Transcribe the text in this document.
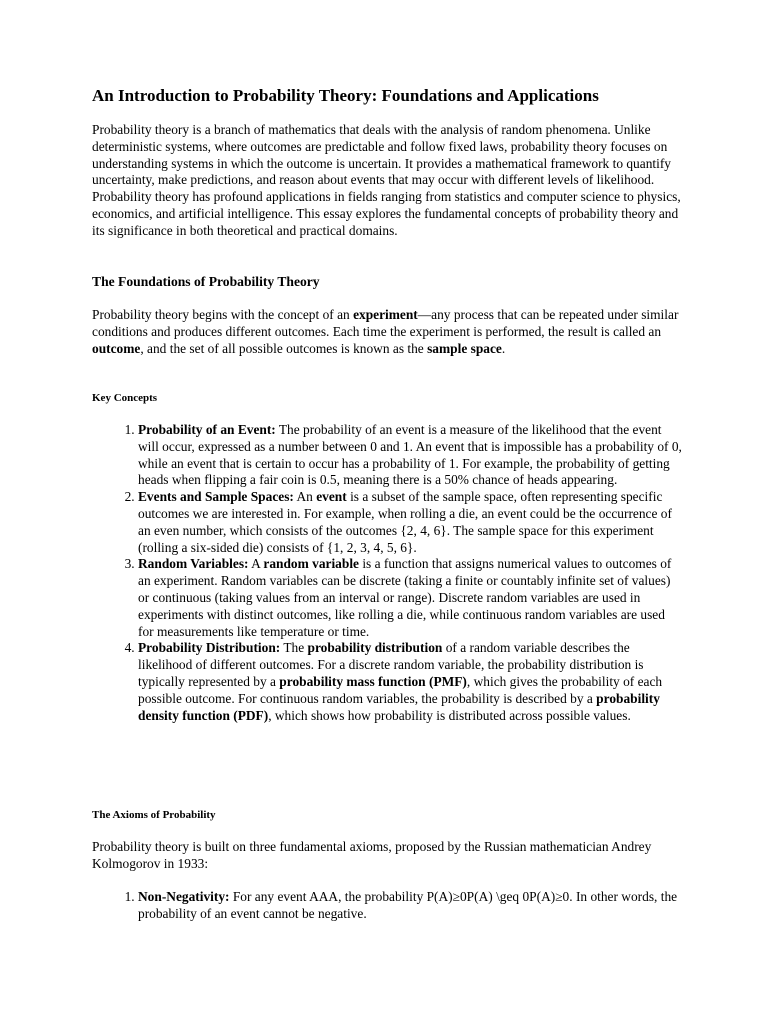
An Introduction to Probability Theory: Foundations and Applications

Probability theory is a branch of mathematics that deals with the analysis of random phenomena. Unlike deterministic systems, where outcomes are predictable and follow fixed laws, probability theory focuses on understanding systems in which the outcome is uncertain. It provides a mathematical framework to quantify uncertainty, make predictions, and reason about events that may occur with different levels of likelihood. Probability theory has profound applications in fields ranging from statistics and computer science to physics, economics, and artificial intelligence. This essay explores the fundamental concepts of probability theory and its significance in both theoretical and practical domains.

The Foundations of Probability Theory

Probability theory begins with the concept of an experiment—any process that can be repeated under similar conditions and produces different outcomes. Each time the experiment is performed, the result is called an outcome, and the set of all possible outcomes is known as the sample space.

Key Concepts
1. Probability of an Event: The probability of an event is a measure of the likelihood that the event will occur, expressed as a number between 0 and 1. An event that is impossible has a probability of 0, while an event that is certain to occur has a probability of 1. For example, the probability of getting heads when flipping a fair coin is 0.5, meaning there is a 50% chance of heads appearing.
2. Events and Sample Spaces: An event is a subset of the sample space, often representing specific outcomes we are interested in. For example, when rolling a die, an event could be the occurrence of an even number, which consists of the outcomes {2, 4, 6}. The sample space for this experiment (rolling a six-sided die) consists of {1, 2, 3, 4, 5, 6}.
3. Random Variables: A random variable is a function that assigns numerical values to outcomes of an experiment. Random variables can be discrete (taking a finite or countably infinite set of values) or continuous (taking values from an interval or range). Discrete random variables are used in experiments with distinct outcomes, like rolling a die, while continuous random variables are used for measurements like temperature or time.
4. Probability Distribution: The probability distribution of a random variable describes the likelihood of different outcomes. For a discrete random variable, the probability distribution is typically represented by a probability mass function (PMF), which gives the probability of each possible outcome. For continuous random variables, the probability is described by a probability density function (PDF), which shows how probability is distributed across possible values.
The Axioms of Probability

Probability theory is built on three fundamental axioms, proposed by the Russian mathematician Andrey Kolmogorov in 1933:

1. Non-Negativity: For any event AAA, the probability P(A)≥0P(A) \geq 0P(A)≥0. In other words, the probability of an event cannot be negative.
